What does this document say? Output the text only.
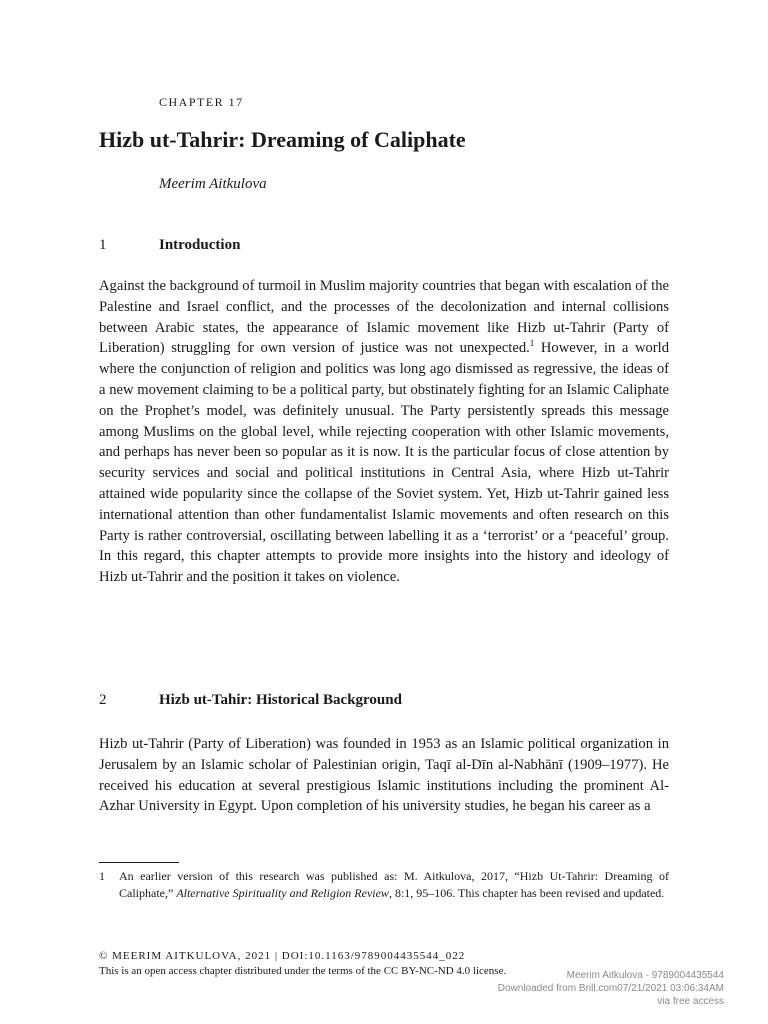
CHAPTER 17
Hizb ut-Tahrir: Dreaming of Caliphate
Meerim Aitkulova
1	Introduction

Against the background of turmoil in Muslim majority countries that began with escalation of the Palestine and Israel conflict, and the processes of the decolonization and internal collisions between Arabic states, the appearance of Islamic movement like Hizb ut-Tahrir (Party of Liberation) struggling for own version of justice was not unexpected.$^1$ However, in a world where the conjunction of religion and politics was long ago dismissed as regressive, the ideas of a new movement claiming to be a political party, but obstinately fighting for an Islamic Caliphate on the Prophet’s model, was definitely unusual. The Party persistently spreads this message among Muslims on the global level, while rejecting cooperation with other Islamic movements, and perhaps has never been so popular as it is now. It is the particular focus of close attention by security services and social and political institutions in Central Asia, where Hizb ut-Tahrir attained wide popularity since the collapse of the Soviet system. Yet, Hizb ut-Tahrir gained less international attention than other fundamentalist Islamic movements and often research on this Party is rather controversial, oscillating between labelling it as a ‘terrorist’ or a ‘peaceful’ group. In this regard, this chapter attempts to provide more insights into the history and ideology of Hizb ut-Tahrir and the position it takes on violence.

2	Hizb ut-Tahir: Historical Background

Hizb ut-Tahrir (Party of Liberation) was founded in 1953 as an Islamic political organization in Jerusalem by an Islamic scholar of Palestinian origin, Taqī al-Dīn al-Nabhānī (1909–1977). He received his education at several prestigious Islamic institutions including the prominent Al-Azhar University in Egypt. Upon completion of his university studies, he began his career as a

1	An earlier version of this research was published as: M. Aitkulova, 2017, “Hizb Ut-Tahrir: Dreaming of Caliphate,” Alternative Spirituality and Religion Review, 8:1, 95–106. This chapter has been revised and updated.
© MEERIM AITKULOVA, 2021 | DOI:10.1163/9789004435544_022
This is an open access chapter distributed under the terms of the CC BY-NC-ND 4.0 license.	Meerim Aitkulova - 9789004435544
Downloaded from Brill.com07/21/2021 03:06:34AM
via free access
